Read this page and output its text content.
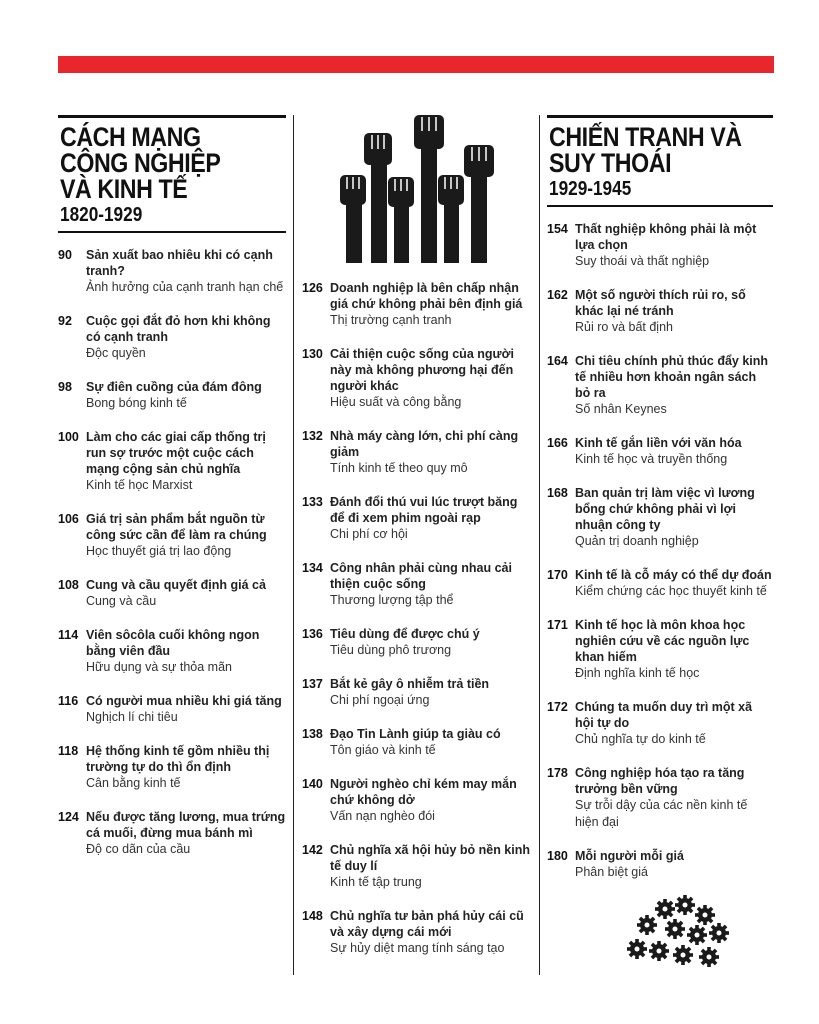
CÁCH MẠNG
CÔNG NGHIỆP
VÀ KINH TẾ
1820-1929
90	Sản xuất bao nhiêu khi có cạnh tranh?
Ảnh hưởng của cạnh tranh hạn chế
92	Cuộc gọi đắt đỏ hơn khi không có cạnh tranh
Độc quyền
98	Sự điên cuồng của đám đông
Bong bóng kinh tế
100 Làm cho các giai cấp thống trị run sợ trước một cuộc cách mạng cộng sản chủ nghĩa
Kinh tế học Marxist
106 Giá trị sản phẩm bắt nguồn từ công sức cần để làm ra chúng
Học thuyết giá trị lao động
108 Cung và cầu quyết định giá cả
Cung và cầu
114 Viên sôcôla cuối không ngon bằng viên đầu
Hữu dụng và sự thỏa mãn
116 Có người mua nhiều khi giá tăng
Nghịch lí chi tiêu
118 Hệ thống kinh tế gồm nhiều thị trường tự do thì ổn định
Cân bằng kinh tế
124 Nếu được tăng lương, mua trứng cá muối, đừng mua bánh mì
Độ co dãn của cầu
126 Doanh nghiệp là bên chấp nhận giá chứ không phải bên định giá
Thị trường cạnh tranh
130 Cải thiện cuộc sống của người này mà không phương hại đến người khác
Hiệu suất và công bằng
132 Nhà máy càng lớn, chi phí càng giảm
Tính kinh tế theo quy mô
133 Đánh đổi thú vui lúc trượt băng để đi xem phim ngoài rạp
Chi phí cơ hội
134 Công nhân phải cùng nhau cải thiện cuộc sống
Thương lượng tập thể
136 Tiêu dùng để được chú ý
Tiêu dùng phô trương
137 Bắt kẻ gây ô nhiễm trả tiền
Chi phí ngoại ứng
138 Đạo Tin Lành giúp ta giàu có
Tôn giáo và kinh tế
140 Người nghèo chỉ kém may mắn chứ không dở
Vấn nạn nghèo đói
142 Chủ nghĩa xã hội hủy bỏ nền kinh tế duy lí
Kinh tế tập trung
148 Chủ nghĩa tư bản phá hủy cái cũ và xây dựng cái mới
Sự hủy diệt mang tính sáng tạo
CHIẾN TRANH VÀ
SUY THOÁI
1929-1945
154 Thất nghiệp không phải là một lựa chọn
Suy thoái và thất nghiệp
162 Một số người thích rủi ro, số khác lại né tránh
Rủi ro và bất định
164 Chi tiêu chính phủ thúc đẩy kinh tế nhiều hơn khoản ngân sách bỏ ra
Số nhân Keynes
166 Kinh tế gắn liền với văn hóa
Kinh tế học và truyền thống
168 Ban quản trị làm việc vì lương bổng chứ không phải vì lợi nhuận công ty
Quản trị doanh nghiệp
170 Kinh tế là cỗ máy có thể dự đoán
Kiểm chứng các học thuyết kinh tế
171 Kinh tế học là môn khoa học nghiên cứu về các nguồn lực khan hiếm
Định nghĩa kinh tế học
172 Chúng ta muốn duy trì một xã hội tự do
Chủ nghĩa tự do kinh tế
178 Công nghiệp hóa tạo ra tăng trưởng bền vững
Sự trỗi dậy của các nền kinh tế hiện đại
180 Mỗi người mỗi giá
Phân biệt giá
